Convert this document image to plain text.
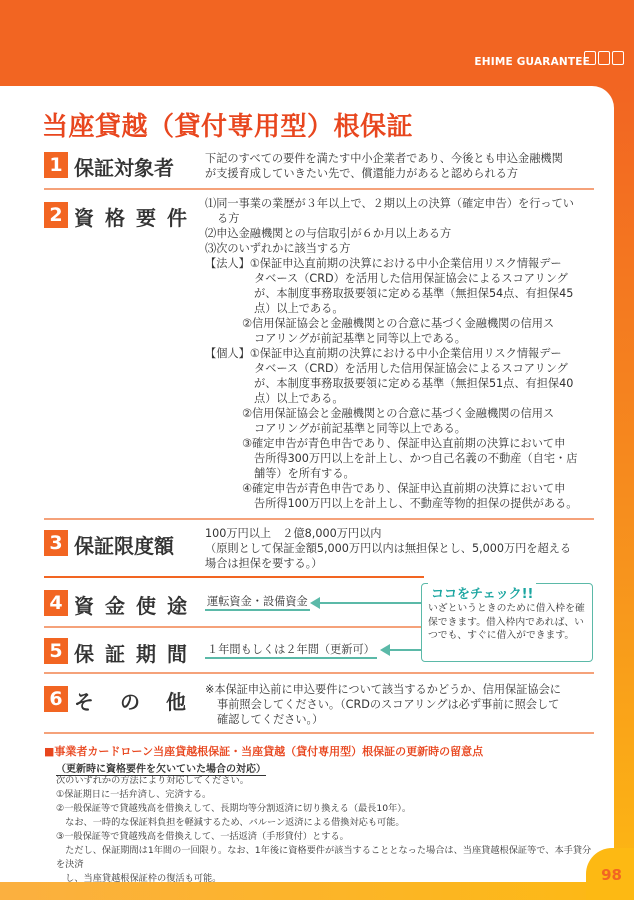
EHIME GUARANTEE
98
当座貸越（貸付専用型）根保証
1 保証対象者	下記のすべての要件を満たす中小企業者であり、今後とも申込金融機関
が支援育成していきたい先で、償還能力があると認められる方
2 資格要件
⑴同一事業の業歴が３年以上で、２期以上の決算（確定申告）を行ってい
る方
⑵申込金融機関との与信取引が６か月以上ある方
⑶次のいずれかに該当する方
【法人】①保証申込直前期の決算における中小企業信用リスク情報デー
タベース（CRD）を活用した信用保証協会によるスコアリング
が、本制度事務取扱要領に定める基準（無担保54点、有担保45
点）以上である。
②信用保証協会と金融機関との合意に基づく金融機関の信用ス
コアリングが前記基準と同等以上である。
【個人】①保証申込直前期の決算における中小企業信用リスク情報デー
タベース（CRD）を活用した信用保証協会によるスコアリング
が、本制度事務取扱要領に定める基準（無担保51点、有担保40
点）以上である。
②信用保証協会と金融機関との合意に基づく金融機関の信用ス
コアリングが前記基準と同等以上である。
③確定申告が青色申告であり、保証申込直前期の決算において申
告所得300万円以上を計上し、かつ自己名義の不動産（自宅・店
舗等）を所有する。
④確定申告が青色申告であり、保証申込直前期の決算において申
告所得100万円以上を計上し、不動産等物的担保の提供がある。
3 保証限度額
100万円以上　２億8,000万円以内
（原則として保証金額5,000万円以内は無担保とし、5,000万円を超える
場合は担保を要する。）
4 資金使途 運転資金・設備資金
5 保証期間 １年間もしくは２年間（更新可）
6 その他
※本保証申込前に申込要件について該当するかどうか、信用保証協会に
事前照会してください。（CRDのスコアリングは必ず事前に照会して
確認してください。）
ココをチェック!!
いざというときのために借入枠を確保できます。借入枠内であれば、いつでも、すぐに借入ができます。
■事業者カードローン当座貸越根保証・当座貸越（貸付専用型）根保証の更新時の留意点
（更新時に資格要件を欠いていた場合の対応）
次のいずれかの方法により対応してください。
①保証期日に一括弁済し、完済する。
②一般保証等で貸越残高を借換えして、長期均等分割返済に切り換える（最長10年）。
　なお、一時的な保証料負担を軽減するため、バルーン返済による借換対応も可能。
③一般保証等で貸越残高を借換えして、一括返済（手形貸付）とする。
　ただし、保証期間は1年間の一回限り。なお、1年後に資格要件が該当することとなった場合は、当座貸越根保証等で、本手貸分を決済
　し、当座貸越根保証枠の復活も可能。
